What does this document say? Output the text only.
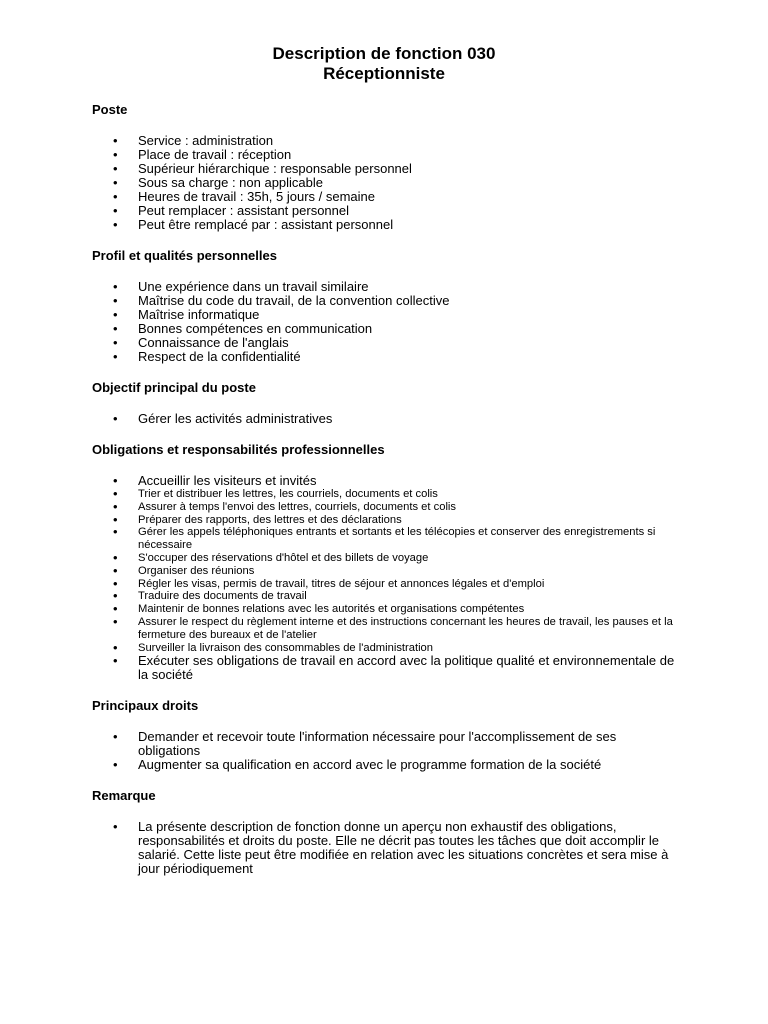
Description de fonction 030
Réceptionniste
Poste
• Service : administration
• Place de travail : réception
• Supérieur hiérarchique : responsable personnel
• Sous sa charge : non applicable
• Heures de travail : 35h, 5 jours / semaine
• Peut remplacer : assistant personnel
• Peut être remplacé par : assistant personnel
Profil et qualités personnelles
• Une expérience dans un travail similaire
• Maîtrise du code du travail, de la convention collective
• Maîtrise informatique
• Bonnes compétences en communication
• Connaissance de l'anglais
• Respect de la confidentialité
Objectif principal du poste
• Gérer les activités administratives
Obligations et responsabilités professionnelles
• Accueillir les visiteurs et invités
• Trier et distribuer les lettres, les courriels, documents et colis
• Assurer à temps l'envoi des lettres, courriels, documents et colis
• Préparer des rapports, des lettres et des déclarations
• Gérer les appels téléphoniques entrants et sortants et les télécopies et conserver des enregistrements si nécessaire
• S'occuper des réservations d'hôtel et des billets de voyage
• Organiser des réunions
• Régler les visas, permis de travail, titres de séjour et annonces légales et d'emploi
• Traduire des documents de travail
• Maintenir de bonnes relations avec les autorités et organisations compétentes
• Assurer le respect du règlement interne et des instructions concernant les heures de travail, les pauses et la fermeture des bureaux et de l'atelier
• Surveiller la livraison des consommables de l'administration
• Exécuter ses obligations de travail en accord avec la politique qualité et environnementale de la société
Principaux droits
• Demander et recevoir toute l'information nécessaire pour l'accomplissement de ses obligations
• Augmenter sa qualification en accord avec le programme formation de la société
Remarque
• La présente description de fonction donne un aperçu non exhaustif des obligations, responsabilités et droits du poste. Elle ne décrit pas toutes les tâches que doit accomplir le salarié. Cette liste peut être modifiée en relation avec les situations concrètes et sera mise à jour périodiquement
